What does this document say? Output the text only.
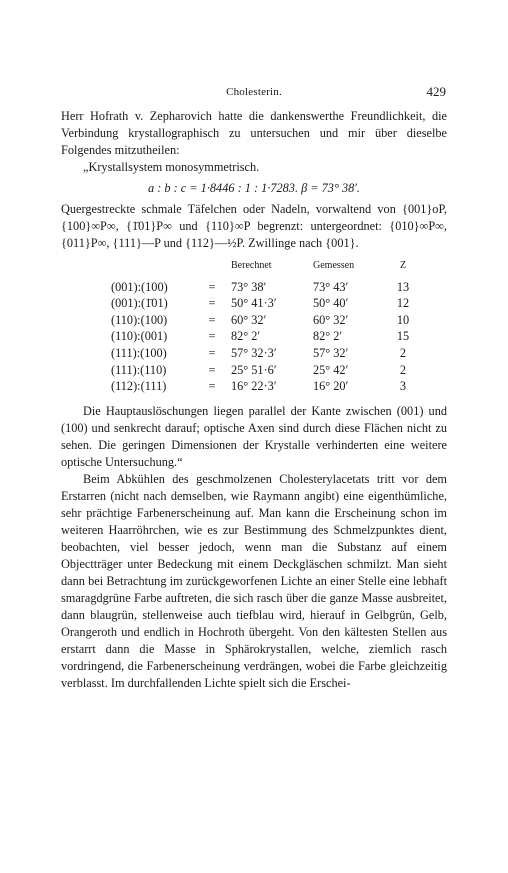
Cholesterin.	429

Herr Hofrath v. Zepharovich hatte die dankenswerthe Freundlichkeit, die Verbindung krystallographisch zu untersuchen und mir über dieselbe Folgendes mitzutheilen:

„Krystallsystem monosymmetrisch.

a : b : c = 1·8446 : 1 : 1·7283. β = 73° 38′.

Quergestreckte schmale Täfelchen oder Nadeln, vorwaltend von {001}oP, {100}∞P∞, {1̄01}P∞ und {110}∞P begrenzt: untergeordnet: {010}∞P∞, {011}P∞, {111}—P und {112}—½P. Zwillinge nach {001}.

		Berechnet	Gemessen	Z
(001):(100)	=	73° 38′	73° 43′	13
(001):(1̄01)	=	50° 41·3′	50° 40′	12
(110):(100)	=	60° 32′	60° 32′	10
(110):(001)	=	82° 2′	82° 2′	15
(111):(100)	=	57° 32·3′	57° 32′	2
(111):(110)	=	25° 51·6′	25° 42′	2
(112):(111)	=	16° 22·3′	16° 20′	3

Die Hauptauslöschungen liegen parallel der Kante zwischen (001) und (100) und senkrecht darauf; optische Axen sind durch diese Flächen nicht zu sehen. Die geringen Dimensionen der Krystalle verhinderten eine weitere optische Untersuchung.“

Beim Abkühlen des geschmolzenen Cholesterylacetats tritt vor dem Erstarren (nicht nach demselben, wie Raymann angibt) eine eigenthümliche, sehr prächtige Farbenerscheinung auf. Man kann die Erscheinung schon im weiteren Haarröhrchen, wie es zur Bestimmung des Schmelzpunktes dient, beobachten, viel besser jedoch, wenn man die Substanz auf einem Objectträger unter Bedeckung mit einem Deckgläschen schmilzt. Man sieht dann bei Betrachtung im zurückgeworfenen Lichte an einer Stelle eine lebhaft smaragdgrüne Farbe auftreten, die sich rasch über die ganze Masse ausbreitet, dann blaugrün, stellenweise auch tiefblau wird, hierauf in Gelbgrün, Gelb, Orangeroth und endlich in Hochroth übergeht. Von den kältesten Stellen aus erstarrt dann die Masse in Sphärokrystallen, welche, ziemlich rasch vordringend, die Farbenerscheinung verdrängen, wobei die Farbe gleichzeitig verblasst. Im durchfallenden Lichte spielt sich die Erschei-
